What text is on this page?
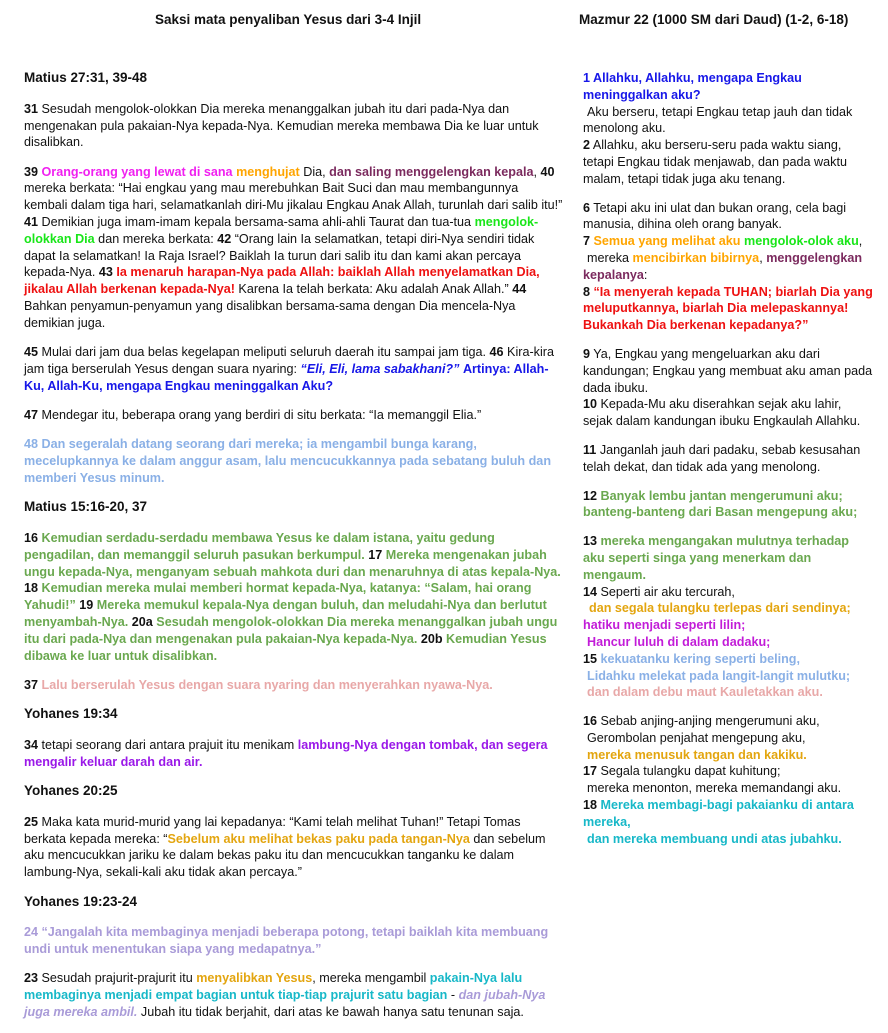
Saksi mata penyaliban Yesus dari 3-4 Injil	Mazmur 22 (1000 SM dari Daud) (1-2, 6-18)
Matius 27:31, 39-48
31 Sesudah mengolok-olokkan Dia mereka menanggalkan jubah itu dari pada-Nya dan mengenakan pula pakaian-Nya kepada-Nya. Kemudian mereka membawa Dia ke luar untuk disalibkan.
39 Orang-orang yang lewat di sana menghujat Dia, dan saling menggelengkan kepala, 40 mereka berkata: “Hai engkau yang mau merebuhkan Bait Suci dan mau membangunnya kembali dalam tiga hari, selamatkanlah diri-Mu jikalau Engkau Anak Allah, turunlah dari salib itu!” 41 Demikian juga imam-imam kepala bersama-sama ahli-ahli Taurat dan tua-tua mengolok-olokkan Dia dan mereka berkata: 42 “Orang lain Ia selamatkan, tetapi diri-Nya sendiri tidak dapat Ia selamatkan! Ia Raja Israel? Baiklah Ia turun dari salib itu dan kami akan percaya kepada-Nya. 43 Ia menaruh harapan-Nya pada Allah: baiklah Allah menyelamatkan Dia, jikalau Allah berkenan kepada-Nya! Karena Ia telah berkata: Aku adalah Anak Allah.” 44 Bahkan penyamun-penyamun yang disalibkan bersama-sama dengan Dia mencela-Nya demikian juga.
45 Mulai dari jam dua belas kegelapan meliputi seluruh daerah itu sampai jam tiga. 46 Kira-kira jam tiga berserulah Yesus dengan suara nyaring: “Eli, Eli, lama sabakhani?” Artinya: Allah-Ku, Allah-Ku, mengapa Engkau meninggalkan Aku?
47 Mendegar itu, beberapa orang yang berdiri di situ berkata: “Ia memanggil Elia.”
48 Dan segeralah datang seorang dari mereka; ia mengambil bunga karang, mecelupkannya ke dalam anggur asam, lalu mencucukkannya pada sebatang buluh dan memberi Yesus minum.
Matius 15:16-20, 37
16 Kemudian serdadu-serdadu membawa Yesus ke dalam istana, yaitu gedung pengadilan, dan memanggil seluruh pasukan berkumpul. 17 Mereka mengenakan jubah ungu kepada-Nya, menganyam sebuah mahkota duri dan menaruhnya di atas kepala-Nya. 18 Kemudian mereka mulai memberi hormat kepada-Nya, katanya: “Salam, hai orang Yahudi!” 19 Mereka memukul kepala-Nya dengan buluh, dan meludahi-Nya dan berlutut menyambah-Nya. 20a Sesudah mengolok-olokkan Dia mereka menanggalkan jubah ungu itu dari pada-Nya dan mengenakan pula pakaian-Nya kepada-Nya. 20b Kemudian Yesus dibawa ke luar untuk disalibkan.
37 Lalu berserulah Yesus dengan suara nyaring dan menyerahkan nyawa-Nya.
Yohanes 19:34
34 tetapi seorang dari antara prajuit itu menikam lambung-Nya dengan tombak, dan segera mengalir keluar darah dan air.
Yohanes 20:25
25 Maka kata murid-murid yang lai kepadanya: “Kami telah melihat Tuhan!” Tetapi Tomas berkata kepada mereka: “Sebelum aku melihat bekas paku pada tangan-Nya dan sebelum aku mencucukkan jariku ke dalam bekas paku itu dan mencucukkan tanganku ke dalam lambung-Nya, sekali-kali aku tidak akan percaya.”
Yohanes 19:23-24
24 “Jangalah kita membaginya menjadi beberapa potong, tetapi baiklah kita membuang undi untuk menentukan siapa yang medapatnya.”
23 Sesudah prajurit-prajurit itu menyalibkan Yesus, mereka mengambil pakain-Nya lalu membaginya menjadi empat bagian untuk tiap-tiap prajurit satu bagian - dan jubah-Nya juga mereka ambil. Jubah itu tidak berjahit, dari atas ke bawah hanya satu tenunan saja.
1 Allahku, Allahku, mengapa Engkau meninggalkan aku?
Aku berseru, tetapi Engkau tetap jauh dan tidak menolong aku.
2 Allahku, aku berseru-seru pada waktu siang, tetapi Engkau tidak menjawab, dan pada waktu malam, tetapi tidak juga aku tenang.
6 Tetapi aku ini ulat dan bukan orang, cela bagi manusia, dihina oleh orang banyak.
7 Semua yang melihat aku mengolok-olok aku,
mereka mencibirkan bibirnya, menggelengkan kepalanya:
8 “Ia menyerah kepada TUHAN; biarlah Dia yang meluputkannya, biarlah Dia melepaskannya! Bukankah Dia berkenan kepadanya?”
9 Ya, Engkau yang mengeluarkan aku dari kandungan; Engkau yang membuat aku aman pada dada ibuku.
10 Kepada-Mu aku diserahkan sejak aku lahir, sejak dalam kandungan ibuku Engkaulah Allahku.
11 Janganlah jauh dari padaku, sebab kesusahan telah dekat, dan tidak ada yang menolong.
12 Banyak lembu jantan mengerumuni aku; banteng-banteng dari Basan mengepung aku;
13 mereka mengangakan mulutnya terhadap aku seperti singa yang menerkam dan mengaum.
14 Seperti air aku tercurah,
dan segala tulangku terlepas dari sendinya;
hatiku menjadi seperti lilin;
Hancur luluh di dalam dadaku;
15 kekuatanku kering seperti beling,
Lidahku melekat pada langit-langit mulutku;
dan dalam debu maut Kauletakkan aku.
16 Sebab anjing-anjing mengerumuni aku,
Gerombolan penjahat mengepung aku,
mereka menusuk tangan dan kakiku.
17 Segala tulangku dapat kuhitung;
mereka menonton, mereka memandangi aku.
18 Mereka membagi-bagi pakaianku di antara mereka,
dan mereka membuang undi atas jubahku.
